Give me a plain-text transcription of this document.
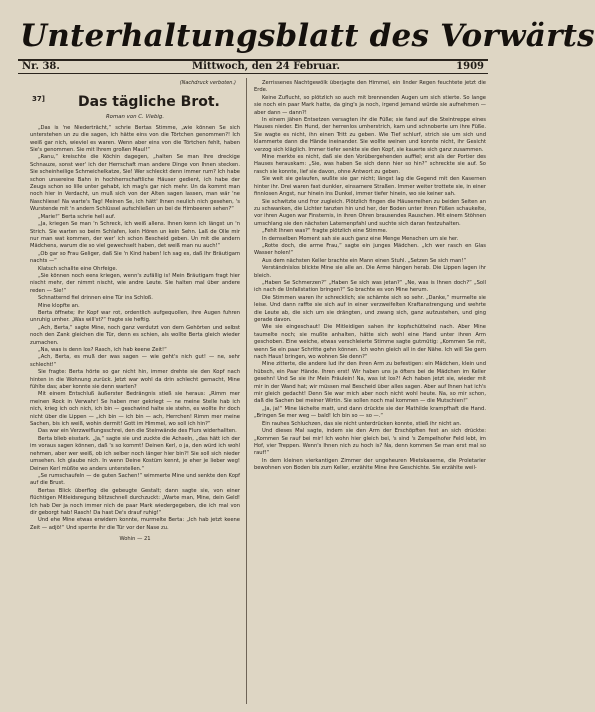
Unterhaltungsblatt des Vorwärts
Nr. 38.	Mittwoch, den 24 Februar.	1909
(Nachdruck verboten.)
37] Das tägliche Brot.
Roman von C. Viebig.

„Das is 'ne Niederträcht,“ schrie Bertas Stimme, „wie können Se sich unterstehen un zu die sagen, ich hätte eins von die Törtchen genommen?! Ich weiß gar nich, wieviel es waren. Wenn aber eins von die Törtchen fehlt, haben Sie's genommen. Sie mit Ihrem großen Maul!“

„Ranu,“ kreischte die Köchin dagegen, „halten Se man Ihre dreckige Schnauze, sonst wer' ich der Herrschaft man andere Dinge von Ihnen stecken. Sie scheinheilige Schmeichelkatze, Sie! Wer schleckt denn immer rum? Ich habe schon unsereine Bahn in hochherrschaftliche Häuser gedient, ich habe der Zeugs schon so lille unter gehabt, ich mag's gar nich mehr. Un da kommt man noch hier in Verdacht, un muß sich von der Alten sagen lassen, man wär 'ne Naschliese! Na warte's Tag! Meinen Se, ich hätt' Ihnen neulich nich gesehen, 's Wurstende mit 'n andern Schlüssel aufschließen un bei de Himbeeren sehen?“

„Marie!“ Berta schrie hell auf.

„Ja, kriegen Se man 'n Schreck, ich weiß allens. Ihnen kenn ich längst un 'n Strich. Sie warten so beim Schlafen, kein Hören un kein Sehn. Laß de Olle mir nur man wat kommen, der wer' ich schon Bescheid geben. Un mit die andern Mädchens, warum die so viel gewechselt haben, det weiß man nu auch!“

„Ob gar so Frau Geliger, daß Sie 'n Kind haben! Ich sag es, daß Ihr Bräutigam nachts —“

Klatsch schallte eine Ohrfeige.

„Sie können noch eens kriegen, wenn's zufällig is! Mein Bräutigam fragt hier nischt mehr, der nimmt nischt, wie andre Leute. Sie halten mal über andere reden — Sie!“

Schnatternd fiel drinnen eine Tür ins Schloß.

Mine klopfte an.

Berta öffnete; ihr Kopf war rot, ordentlich aufgequollen, ihre Augen fuhren unruhig umher. „Was will'st?“ fragte sie heftig.

„Ach, Berta,“ sagte Mine, noch ganz verdutzt von dem Gehörten und selbst noch den Zank gleichen die Tür, denn es schien, als wollte Berta gleich wieder zumachen.

„Na, was is denn los? Rasch, ich hab keene Zeit!“

„Ach, Berta, es muß der was sagen — wie geht's nich gut! — ne, sehr schlecht!“

Sie fragte: Berta hörte so gar nicht hin, immer drehte sie den Kopf nach hinten in die Wohnung zurück. Jetzt war wohl da drin schlecht gemacht, Mine fühlte das; aber konnte sie denn warten?

Mit einem Entschluß äußerster Bedrängnis stieß sie heraus: „Rimm mer meinen Rock in Verwahr! Se haben mer gekriegt — ne meine Stelle hab ich nich, krieg ich och nich, ich bin — geschwind halte sie stehn, es wollte ihr doch nicht über die Lippen — „ich bin — ich bin — ach, Herrchen! Rimm mer meine Sachen, bis ich weiß, wohin dermit! Gott im Himmel, wo soll ich hin?“

Das war ein Verzweiflungsschrei, den die Steinwände des Flurs widerhallten.

Berta blieb eisstark. „Ja,“ sagte sie und zuckte die Achseln, „das hätt ich der im voraus sagen können, daß 's so kommt! Deinen Kerl, o ja, den würd ich wohl nehmen, aber wer weiß, ob ich selber noch länger hier bin?! Sie soll sich nieder umsehen. Ich glaube nich. In wenn Deine Kostüm kennt, je eher je lieber weg! Deinen Kerl müßte wo anders unterstellen.“

„Se rumschaufeln — de guten Sachen!“ wimmerte Mine und senkte den Kopf auf die Brust.

Bertas Blick überflog die gebeugte Gestalt; dann sagte sie, von einer flüchtigen Mitleidsregung blitzschnell durchzuckt: „Warte man, Mine, dein Geld! Ich hab Der ja noch immer nich de paar Mark wiedergegeben, die ich mal von dir geborgt hab! Rasch! Da hast De's drauf ruhig!“

Und ehe Mine etwas erwidern konnte, murmelte Berta: „Ich hab jetzt keene Zeit — adjö!“ Und sperrte ihr die Tür vor der Nase zu.

Wohin — 21

Zerrissenes Nachtgewölk überjagte den Himmel, ein linder Regen feuchtete jetzt die Erde.

Keine Zuflucht, so plötzlich so auch mit brennenden Augen um sich stierte. So lange sie noch ein paar Mark hatte, da ging's ja noch, irgend jemand würde sie aufnehmen — aber dann — dann?!

In einem jähen Entsetzen versagten ihr die Füße; sie fand auf die Steintreppe eines Hauses nieder. Ein Hund, der herrenlos umherstrich, kam und schnoberte um ihre Füße. Sie wagte es nicht, ihn einen Tritt zu geben. Wie Tief schlurf, strich sie um sich und klammerte dann die Hände ineinander. Sie wollte weinen und konnte nicht, ihr Gesicht verzog sich kläglich. Immer tiefer senkte sie den Kopf, sie kauerte sich ganz zusammen.

Mine merkte es nicht, daß sie den Vorübergehenden auffiel; erst als der Portier des Hauses herauskam: „Sie, was haben Se sich denn hier so hin?“ schreckte sie auf. So rasch sie konnte, lief sie davon, ohne Antwort zu geben.

Sie weit sie gelaufen, wußte sie gar nicht; längst lag die Gegend mit den Kasernen hinter ihr. Drei waren fast dunkler, einsamere Straßen. Immer weiter trottete sie, in einer finnlosen Angst, nur hinein ins Dunkel, immer tiefer hinein, wo sie keiner sah.

Sie schwitzte und fror zugleich. Plötzlich fingen die Häuserreihen zu beiden Seiten an zu schwanken, die Lichter tanzten hin und her, der Boden unter ihren Füßen schaukelte, vor ihren Augen war Finsternis, in ihren Ohren brausendes Rauschen. Mit einem Stöhnen umschlang sie den nächsten Laternenpfahl und suchte sich daran festzuhalten.

„Fehlt Ihnen was?“ fragte plötzlich eine Stimme.

In demselben Moment sah sie auch ganz eine Menge Menschen um sie her.

„Rotte doch, die arme Frau,“ sagte ein junges Mädchen. „Ich wer rasch en Glas Wasser holen!“

Aus dem nächsten Keller brachte ein Mann einen Stuhl. „Setzen Se sich man!“

Verständnislos blickte Mine sie alle an. Die Arme hängen herab. Die Lippen lagen ihr bleich.

„Haben Se Schmerzen?“ „Haben Se sich was jetan?“ „Ne, was is Ihnen doch?“ „Soll ich nach de Unfallstation bringen?“ So brachte es von Mine herum.

Die Stimmen waren ihr schrecklich; sie schämte sich so sehr. „Danke,“ murmelte sie leise. Und dann raffte sie sich auf in einer verzweifelten Kraftanstrengung und wehrte die Leute ab, die sich um sie drängten, und zwang sich, ganz aufzustehen, und ging gerade davon.

Wie sie eingeschaut! Die Mitleidigen sahen ihr kopfschüttelnd nach. Aber Mine taumelte noch; sie mußte anhalten, hätte sich wohl eine Hand unter ihren Arm geschoben. Eine weiche, etwas verschleierte Stimme sagte gutmütig: „Kommen Se mit, wenn Se ein paar Schritte gehn können. Ich wohn gleich all in der Nähe. Ich will Sie gern nach Haus! bringen, wo wohnen Sie denn?“

Mine zitterte, die andere lud ihr den ihren Arm zu befestigen: ein Mädchen, klein und hübsch, ein Paar Hände. Ihren erst! Wir haben uns ja öfters bei de Mädchen im Keller gesehn! Und Se sie ihr Mein Fräulein! Na, was ist los?! Ach haben jetzt sie, wieder mit mir in der Wand hat; wir müssen mal Bescheid über alles sagen. Aber auf Ihnen hat ich's mir gleich gedacht! Denn Sie war mich aber noch nicht wohl heute. Na, so mir schon, daß die Sachen bei meiner Wirtin. Sie sollen noch mal kommen — die Mutschien!“

„Ja, ja!“ Mine lächelte matt, und dann drückte sie der Mathilde krampfhaft die Hand. „Bringen Se mer weg — bald! Ich bin so — so —.“

Ein rauhes Schluchzen, das sie nicht unterdrücken konnte, stieß ihr nicht an.

Und dieses Mal sagte, indem sie den Arm der Erschöpften fest an sich drückte: „Kommen Se rauf bei mir! Ich wohn hier gleich bei, 's sind 's Zempelhofer Feld lebt, im Hof, vier Treppen. Wenn's Ihnen nich zu hoch is? Na, denn kommen Se man erst mal so rauf!“

In dem kleinen vierkantigen Zimmer der ungeheuren Mietskaserne, die Proletarier bewohnen von Boden bis zum Keller, erzählte Mine ihre Geschichte. Sie erzählte weil-
